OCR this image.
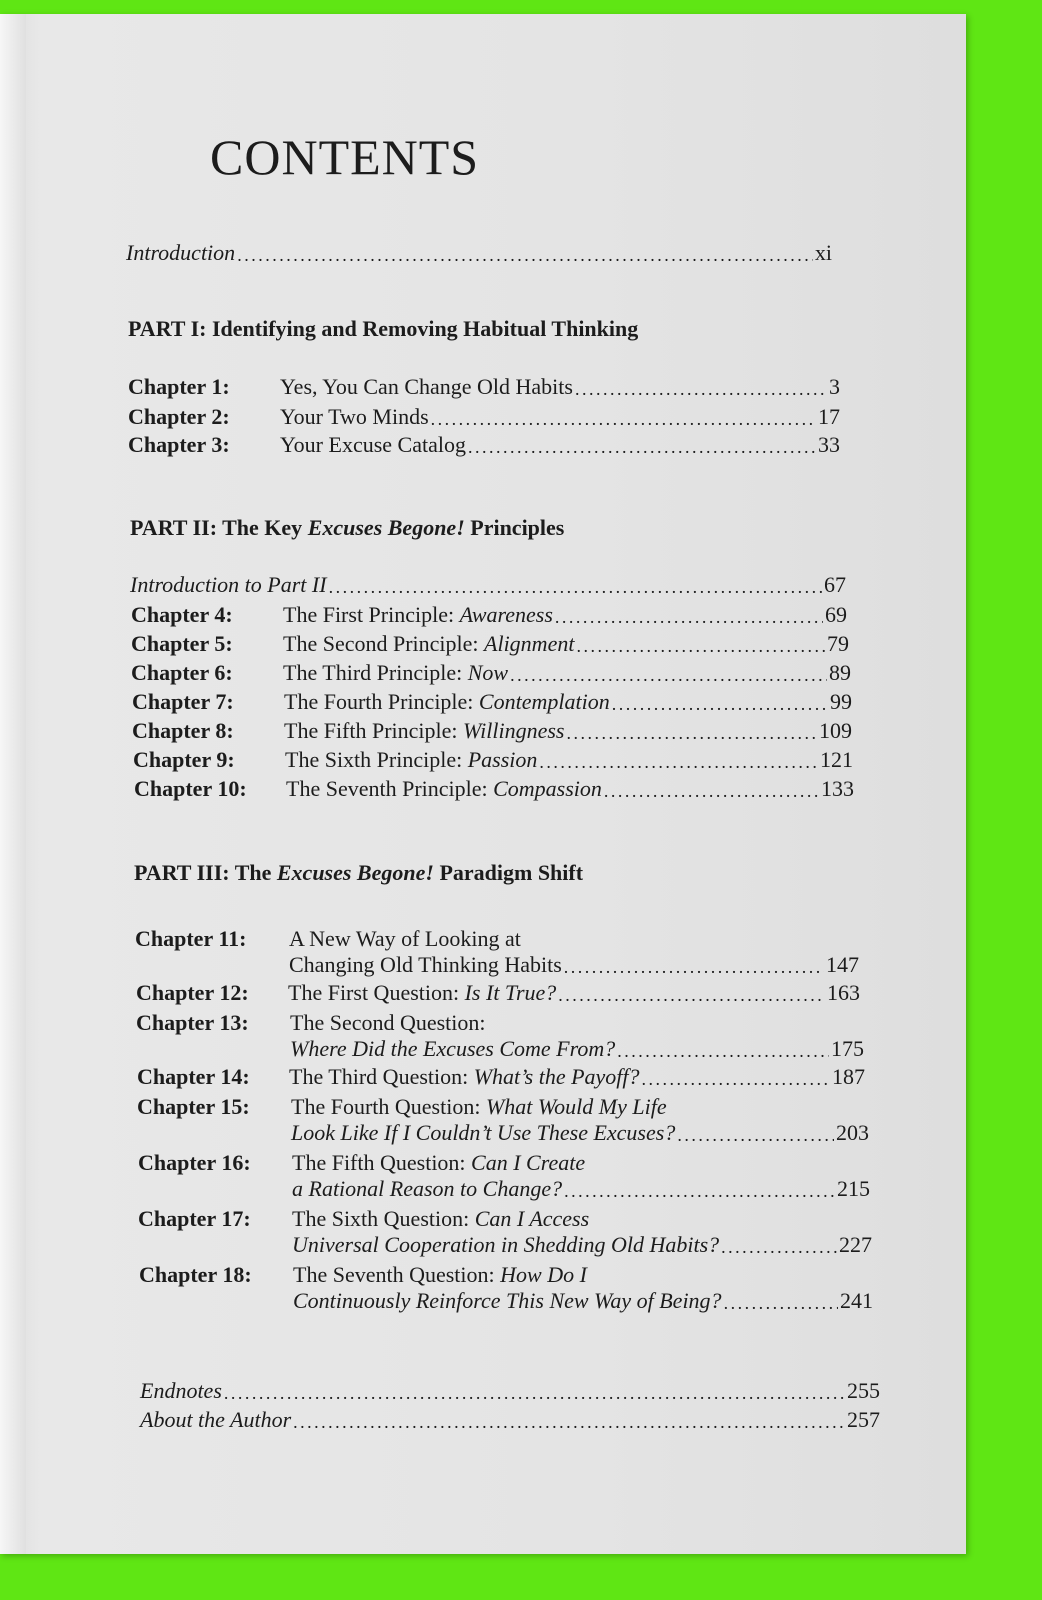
CONTENTS
Introduction . . .	xi
PART I: Identifying and Removing Habitual Thinking
Chapter 1:	Yes, You Can Change Old Habits . . .	3
Chapter 2:	Your Two Minds . . .	17
Chapter 3:	Your Excuse Catalog . . .	33
PART II: The Key Excuses Begone! Principles
Introduction to Part II . . .	67
Chapter 4:	The First Principle: Awareness . . .	69
Chapter 5:	The Second Principle: Alignment . . .	79
Chapter 6:	The Third Principle: Now . . .	89
Chapter 7:	The Fourth Principle: Contemplation . . .	99
Chapter 8:	The Fifth Principle: Willingness . . .	109
Chapter 9:	The Sixth Principle: Passion . . .	121
Chapter 10:	The Seventh Principle: Compassion . . .	133
PART III: The Excuses Begone! Paradigm Shift
Chapter 11:	A New Way of Looking at
Changing Old Thinking Habits . . .	147
Chapter 12:	The First Question: Is It True? . . .	163
Chapter 13:	The Second Question:
Where Did the Excuses Come From? . . .	175
Chapter 14:	The Third Question: What’s the Payoff? . . .	187
Chapter 15:	The Fourth Question: What Would My Life
Look Like If I Couldn’t Use These Excuses? . . .	203
Chapter 16:	The Fifth Question: Can I Create
a Rational Reason to Change? . . .	215
Chapter 17:	The Sixth Question: Can I Access
Universal Cooperation in Shedding Old Habits? . . .	227
Chapter 18:	The Seventh Question: How Do I
Continuously Reinforce This New Way of Being? . . .	241
Endnotes . . .	255
About the Author . . .	257
